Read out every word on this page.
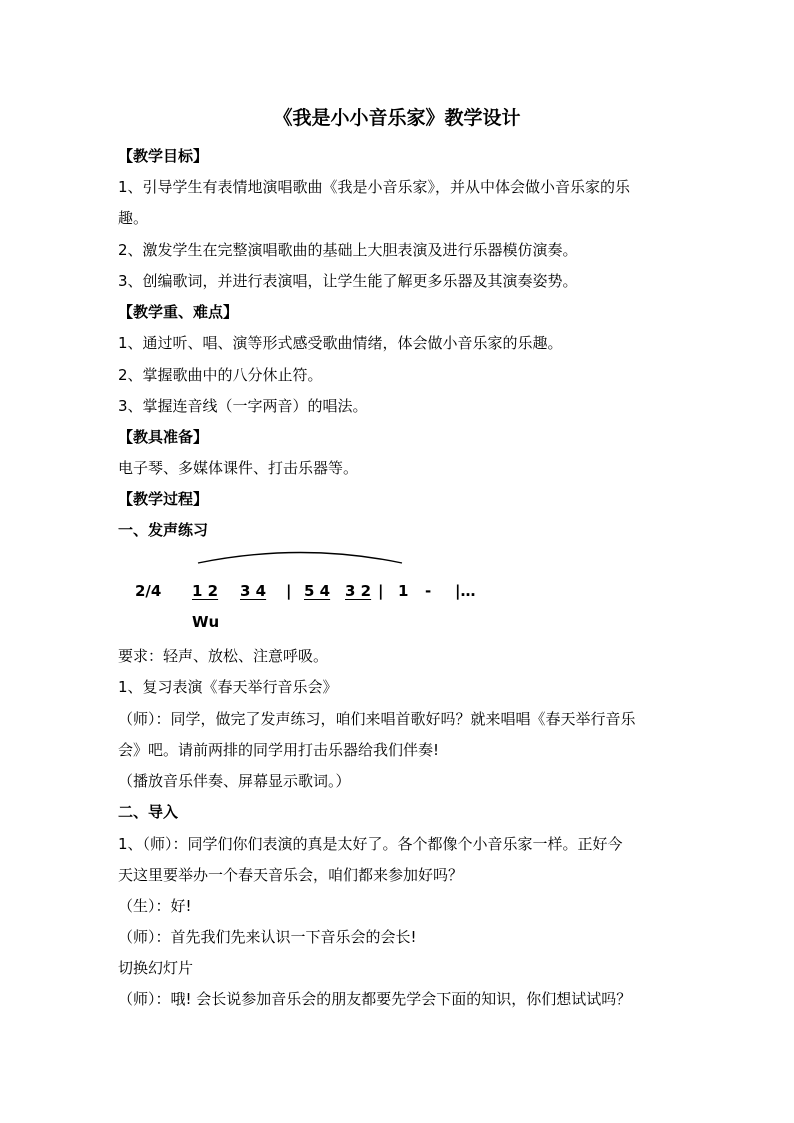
《我是小小音乐家》教学设计
【教学目标】
1、引导学生有表情地演唱歌曲《我是小音乐家》，并从中体会做小音乐家的乐
趣。
2、激发学生在完整演唱歌曲的基础上大胆表演及进行乐器模仿演奏。
3、创编歌词，并进行表演唱，让学生能了解更多乐器及其演奏姿势。
【教学重、难点】
1、通过听、唱、演等形式感受歌曲情绪，体会做小音乐家的乐趣。
2、掌握歌曲中的八分休止符。
3、掌握连音线（一字两音）的唱法。
【教具准备】
电子琴、多媒体课件、打击乐器等。
【教学过程】
一、发声练习
2/4 1 2 3 4 | 5 4 3 2 | 1 - |…
Wu
要求：轻声、放松、注意呼吸。
1、复习表演《春天举行音乐会》
（师）：同学，做完了发声练习，咱们来唱首歌好吗？就来唱唱《春天举行音乐
会》吧。请前两排的同学用打击乐器给我们伴奏!
（播放音乐伴奏、屏幕显示歌词。）
二、导入
1、（师）：同学们你们表演的真是太好了。各个都像个小音乐家一样。正好今
天这里要举办一个春天音乐会，咱们都来参加好吗？
（生）：好!
（师）：首先我们先来认识一下音乐会的会长!
切换幻灯片
（师）：哦! 会长说参加音乐会的朋友都要先学会下面的知识，你们想试试吗？
